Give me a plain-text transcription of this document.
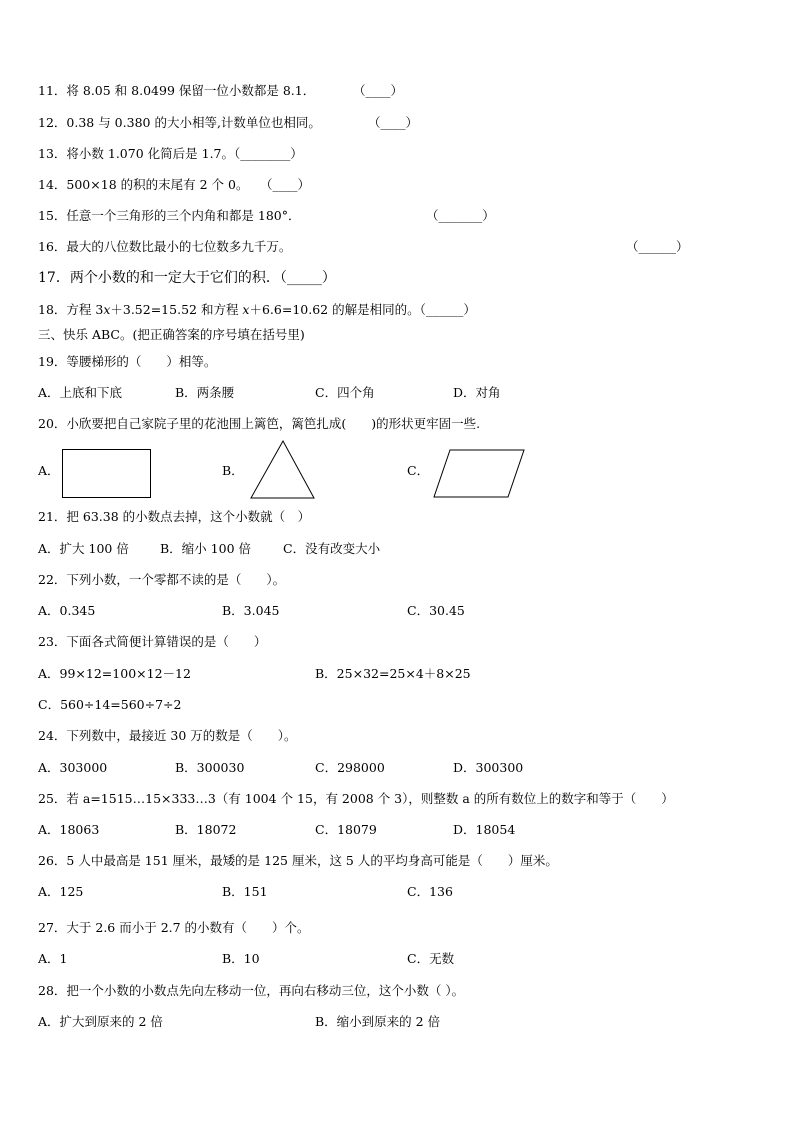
11．将 8.05 和 8.0499 保留一位小数都是 8.1．	（____）
12．0.38 与 0.380 的大小相等,计数单位也相同。	（____）
13．将小数 1.070 化简后是 1.7。（________）
14．500×18 的积的末尾有 2 个 0。 （____）
15．任意一个三角形的三个内角和都是 180°．	（_______）
16．最大的八位数比最小的七位数多九千万。	（______）
17．两个小数的和一定大于它们的积．（_____）
18．方程 3𝑥＋3.52=15.52 和方程 𝑥＋6.6=10.62 的解是相同的。（______）
三、快乐 ABC。(把正确答案的序号填在括号里)
19．等腰梯形的（　　）相等。
A．上底和下底	B．两条腰	C．四个角	D．对角
20．小欣要把自己家院子里的花池围上篱笆，篱笆扎成(　　)的形状更牢固一些.
A．	B．	C．
21．把 63.38 的小数点去掉，这个小数就（　）
A．扩大 100 倍 B．缩小 100 倍	C．没有改变大小
22．下列小数，一个零都不读的是（　　）。
A．0.345	B．3.045	C．30.45
23．下面各式简便计算错误的是（　　）
A．99×12=100×12－12	B．25×32=25×4＋8×25
C．560÷14=560÷7÷2
24．下列数中，最接近 30 万的数是（　　）。
A．303000	B．300030	C．298000	D．300300
25．若 a=1515…15×333…3（有 1004 个 15，有 2008 个 3），则整数 a 的所有数位上的数字和等于（　　）
A．18063	B．18072	C．18079	D．18054
26．5 人中最高是 151 厘米，最矮的是 125 厘米，这 5 人的平均身高可能是（　　）厘米。
A．125	B．151	C．136
27．大于 2.6 而小于 2.7 的小数有（　　）个。
A．1	B．10	C．无数
28．把一个小数的小数点先向左移动一位，再向右移动三位，这个小数（ ）。
A．扩大到原来的 2 倍	B．缩小到原来的 2 倍
